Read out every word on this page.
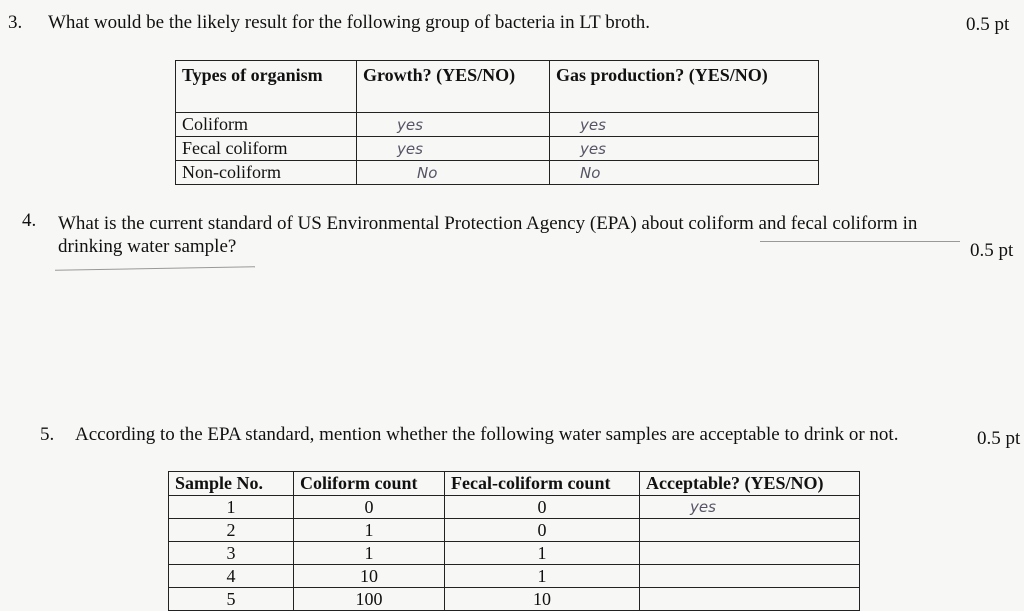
3. What would be the likely result for the following group of bacteria in LT broth.	0.5 pt
Types of organism	Growth? (YES/NO)	Gas production? (YES/NO)
Coliform	yes	yes
Fecal coliform	yes	yes
Non-coliform	No	No
4. What is the current standard of US Environmental Protection Agency (EPA) about coliform and fecal coliform in
drinking water sample?	0.5 pt
5. According to the EPA standard, mention whether the following water samples are acceptable to drink or not.	0.5 pt
Sample No.	Coliform count	Fecal-coliform count	Acceptable? (YES/NO)
1	0	0	yes
2	1	0	
3	1	1	
4	10	1	
5	100	10	
